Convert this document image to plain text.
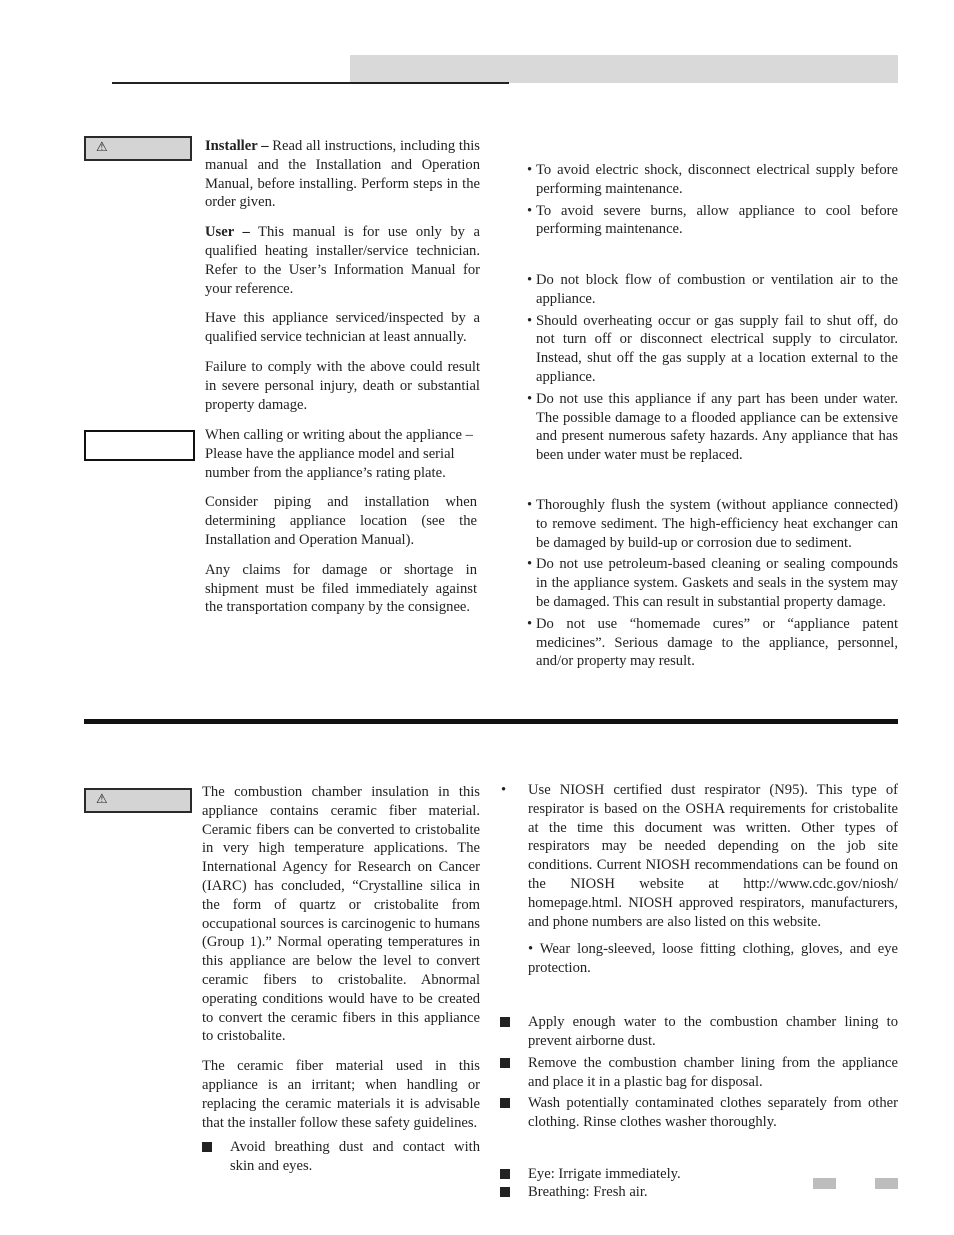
⚠	Installer – Read all instructions, including this manual and the Installation and Operation Manual, before installing. Perform steps in the order given.

User – This manual is for use only by a qualified heating installer/service technician. Refer to the User’s Information Manual for your reference.

Have this appliance serviced/inspected by a qualified service technician at least annually.

Failure to comply with the above could result in severe personal injury, death or substantial property damage.

When calling or writing about the appliance – Please have the appliance model and serial number from the appliance’s rating plate.

Consider piping and installation when determining appliance location (see the Installation and Operation Manual).

Any claims for damage or shortage in shipment must be filed immediately against the transportation company by the consignee.

• To avoid electric shock, disconnect electrical supply before performing maintenance.
• To avoid severe burns, allow appliance to cool before performing maintenance.
• Do not block flow of combustion or ventilation air to the appliance.
• Should overheating occur or gas supply fail to shut off, do not turn off or disconnect electrical supply to circulator. Instead, shut off the gas supply at a location external to the appliance.
• Do not use this appliance if any part has been under water. The possible damage to a flooded appliance can be extensive and present numerous safety hazards. Any appliance that has been under water must be replaced.
• Thoroughly flush the system (without appliance connected) to remove sediment. The high-efficiency heat exchanger can be damaged by build-up or corrosion due to sediment.
• Do not use petroleum-based cleaning or sealing compounds in the appliance system. Gaskets and seals in the system may be damaged. This can result in substantial property damage.
• Do not use “homemade cures” or “appliance patent medicines”. Serious damage to the appliance, personnel, and/or property may result.
⚠	The combustion chamber insulation in this appliance contains ceramic fiber material. Ceramic fibers can be converted to cristobalite in very high temperature applications. The International Agency for Research on Cancer (IARC) has concluded, “Crystalline silica in the form of quartz or cristobalite from occupational sources is carcinogenic to humans (Group 1).” Normal operating temperatures in this appliance are below the level to convert ceramic fibers to cristobalite. Abnormal operating conditions would have to be created to convert the ceramic fibers in this appliance to cristobalite.

The ceramic fiber material used in this appliance is an irritant; when handling or replacing the ceramic materials it is advisable that the installer follow these safety guidelines.

Avoid breathing dust and contact with skin and eyes.
• Use NIOSH certified dust respirator (N95). This type of respirator is based on the OSHA requirements for cristobalite at the time this document was written. Other types of respirators may be needed depending on the job site conditions. Current NIOSH recommendations can be found on the NIOSH website at http://www.cdc.gov/niosh/ homepage.html. NIOSH approved respirators, manufacturers, and phone numbers are also listed on this website.

• Wear long-sleeved, loose fitting clothing, gloves, and eye protection.

Apply enough water to the combustion chamber lining to prevent airborne dust.
Remove the combustion chamber lining from the appliance and place it in a plastic bag for disposal.
Wash potentially contaminated clothes separately from other clothing. Rinse clothes washer thoroughly.
Eye: Irrigate immediately.
Breathing: Fresh air.
